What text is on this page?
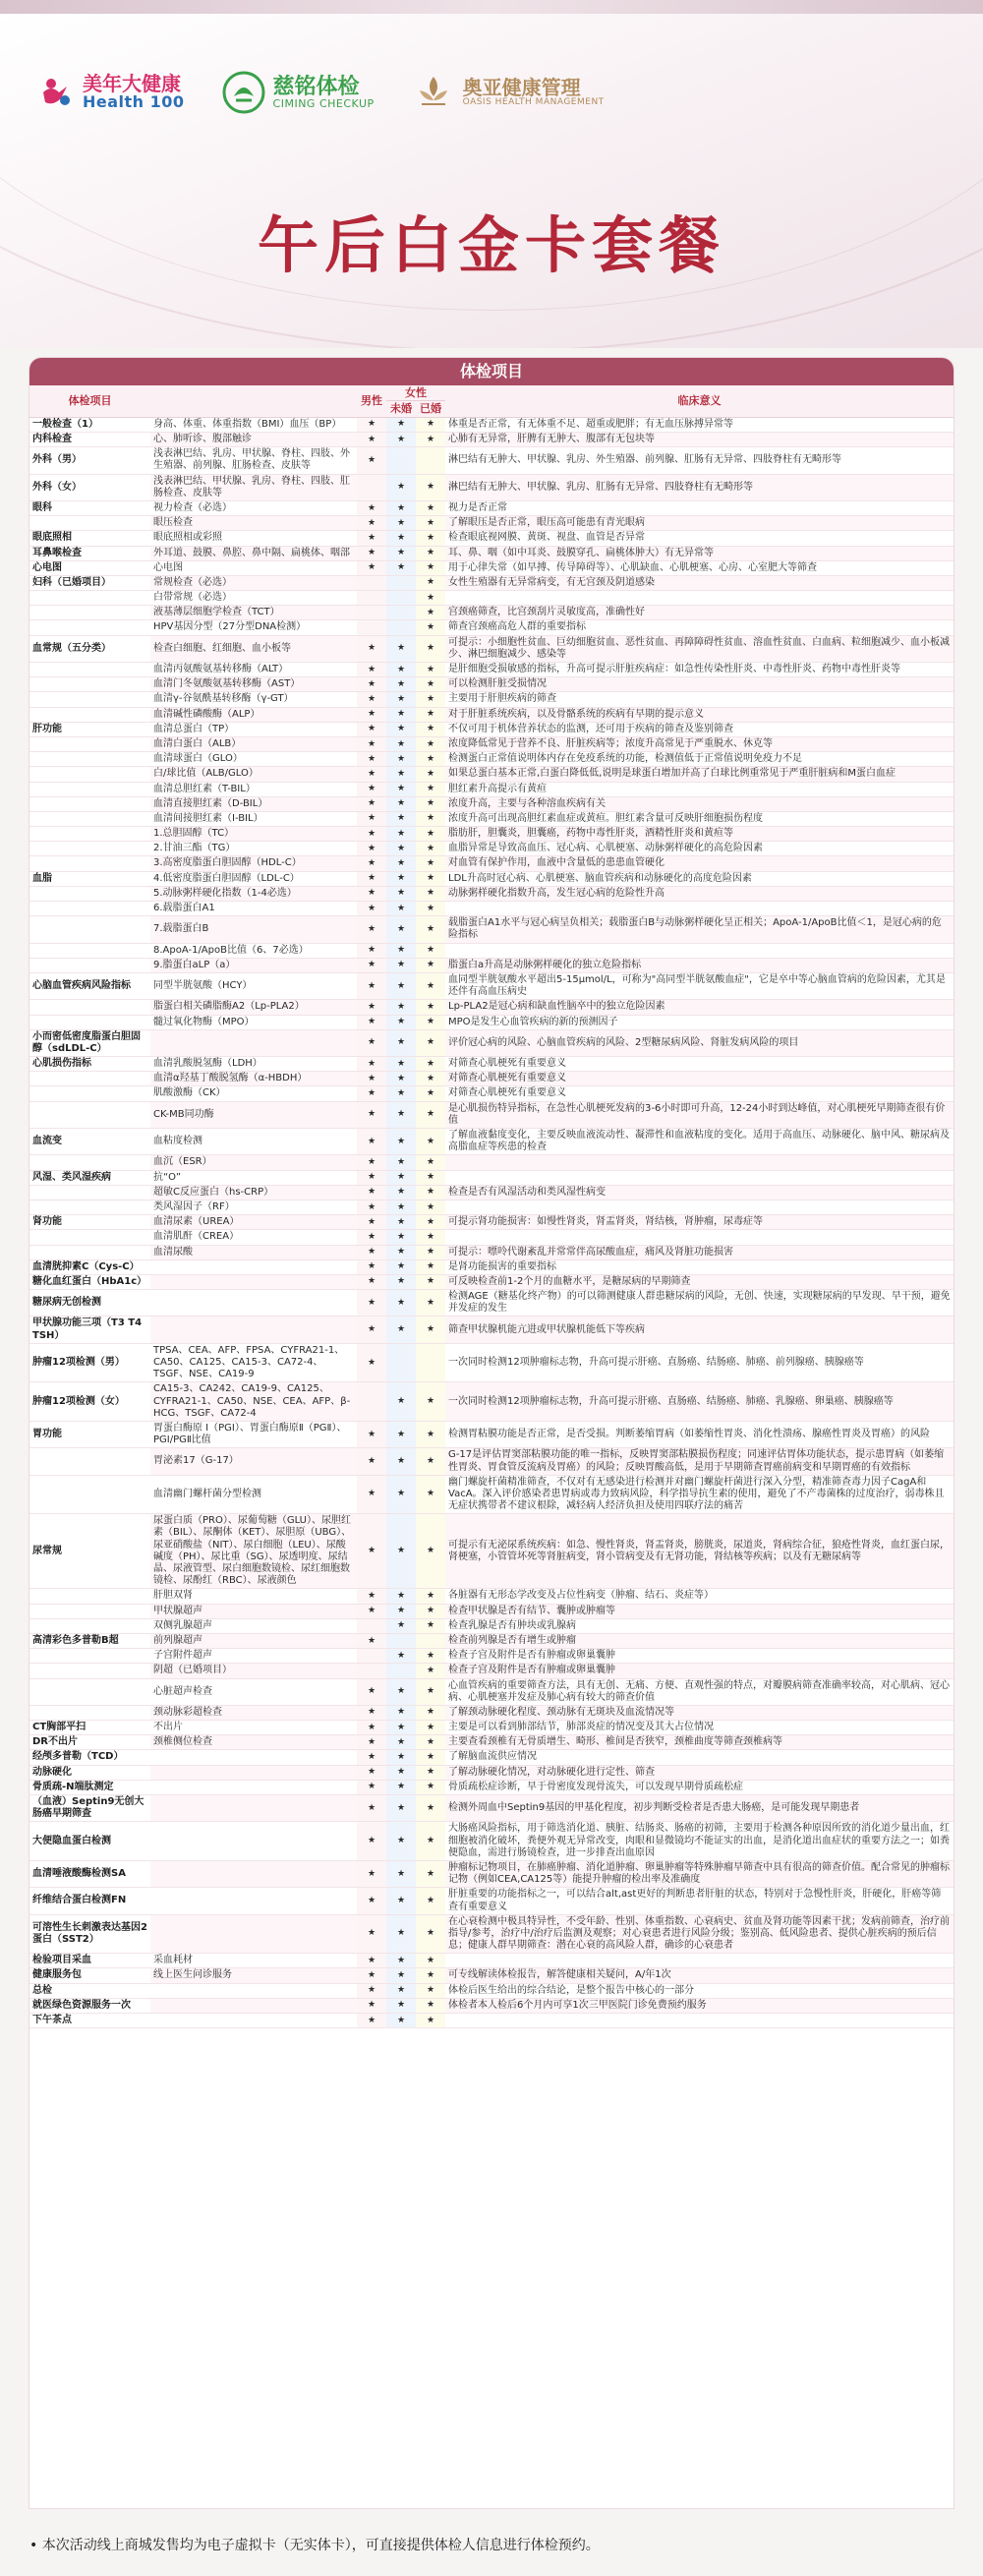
美年大健康
Health 100
慈铭体检
CIMING CHECKUP
奥亚健康管理
OASIS HEALTH MANAGEMENT
午后白金卡套餐
体检项目
体检项目		男性	女性		临床意义
			未婚	已婚	
一般检查（1）	身高、体重、体重指数（BMI）血压（BP）	★	★	★	体重是否正常，有无体重不足、超重或肥胖；有无血压脉搏异常等
内科检查	心、肺听诊、腹部触诊	★	★	★	心肺有无异常，肝脾有无肿大、腹部有无包块等
外科（男）	浅表淋巴结、乳房、甲状腺、脊柱、四肢、外生殖器、前列腺、肛肠检查、皮肤等	★			淋巴结有无肿大、甲状腺、乳房、外生殖器、前列腺、肛肠有无异常、四肢脊柱有无畸形等
外科（女）	浅表淋巴结、甲状腺、乳房、脊柱、四肢、肛肠检查、皮肤等		★	★	淋巴结有无肿大、甲状腺、乳房、肛肠有无异常、四肢脊柱有无畸形等
眼科	视力检查（必选）	★	★	★	视力是否正常
	眼压检查	★	★	★	了解眼压是否正常，眼压高可能患有青光眼病
眼底照相	眼底照相或彩照	★	★	★	检查眼底视网膜、黄斑、视盘、血管是否异常
耳鼻喉检查	外耳道、鼓膜、鼻腔、鼻中隔、扁桃体、咽部	★	★	★	耳、鼻、咽（如中耳炎、鼓膜穿孔、扁桃体肿大）有无异常等
心电图	心电图	★	★	★	用于心律失常（如早搏、传导障碍等）、心肌缺血、心肌梗塞、心房、心室肥大等筛查
妇科（已婚项目）	常规检查（必选）			★	女性生殖器有无异常病变，有无宫颈及阴道感染
	白带常规（必选）			★	
	液基薄层细胞学检查（TCT）			★	宫颈癌筛查，比宫颈刮片灵敏度高，准确性好
	HPV基因分型（27分型DNA检测）			★	筛查宫颈癌高危人群的重要指标
血常规（五分类）	检查白细胞、红细胞、血小板等	★	★	★	可提示：小细胞性贫血、巨幼细胞贫血、恶性贫血、再障障碍性贫血、溶血性贫血、白血病、粒细胞减少、血小板减少、淋巴细胞减少、感染等
	血清丙氨酸氨基转移酶（ALT）	★	★	★	是肝细胞受损敏感的指标，升高可提示肝脏疾病症：如急性传染性肝炎、中毒性肝炎、药物中毒性肝炎等
	血清门冬氨酸氨基转移酶（AST）	★	★	★	可以检测肝脏受损情况
	血清γ-谷氨酰基转移酶（γ-GT）	★	★	★	主要用于肝胆疾病的筛查
	血清碱性磷酸酶（ALP）	★	★	★	对于肝脏系统疾病，以及骨骼系统的疾病有早期的提示意义
肝功能	血清总蛋白（TP）	★	★	★	不仅可用于机体营养状态的监测，还可用于疾病的筛查及鉴别筛查
	血清白蛋白（ALB）	★	★	★	浓度降低常见于营养不良、肝脏疾病等；浓度升高常见于严重脱水、休克等
	血清球蛋白（GLO）	★	★	★	检测蛋白正常值说明体内存在免疫系统的功能，检测值低于正常值说明免疫力不足
	白/球比值（ALB/GLO）	★	★	★	如果总蛋白基本正常,白蛋白降低低,说明是球蛋白增加并高了白球比例重常见于严重肝脏病和M蛋白血症
	血清总胆红素（T-BIL）	★	★	★	胆红素升高提示有黄疸
	血清直接胆红素（D-BIL）	★	★	★	浓度升高，主要与各种溶血疾病有关
	血清间接胆红素（I-BIL）	★	★	★	浓度升高可出现高胆红素血症或黄疸。胆红素含量可反映肝细胞损伤程度
	1.总胆固醇（TC）	★	★	★	脂肪肝，胆囊炎，胆囊癌，药物中毒性肝炎，酒精性肝炎和黄疸等
	2.甘油三酯（TG）	★	★	★	血脂异常是导致高血压、冠心病、心肌梗塞、动脉粥样硬化的高危险因素
	3.高密度脂蛋白胆固醇（HDL-C）	★	★	★	对血管有保护作用，血液中含量低的患患血管硬化
血脂	4.低密度脂蛋白胆固醇（LDL-C）	★	★	★	LDL升高时冠心病、心肌梗塞、脑血管疾病和动脉硬化的高度危险因素
	5.动脉粥样硬化指数（1-4必选）	★	★	★	动脉粥样硬化指数升高，发生冠心病的危险性升高
	6.载脂蛋白A1	★	★	★	
	7.载脂蛋白B	★	★	★	载脂蛋白A1水平与冠心病呈负相关；载脂蛋白B与动脉粥样硬化呈正相关；ApoA-1/ApoB比值＜1，是冠心病的危险指标
	8.ApoA-1/ApoB比值（6、7必选）	★	★	★	
	9.脂蛋白aLP（a）	★	★	★	脂蛋白a升高是动脉粥样硬化的独立危险指标
心脑血管疾病风险指标	同型半胱氨酸（HCY）	★	★	★	血同型半胱氨酸水平超出5-15μmol/L，可称为"高同型半胱氨酸血症"，它是卒中等心脑血管病的危险因素，尤其是还伴有高血压病史
	脂蛋白相关磷脂酶A2（Lp-PLA2）	★	★	★	Lp-PLA2是冠心病和缺血性脑卒中的独立危险因素
	髓过氧化物酶（MPO）	★	★	★	MPO是发生心血管疾病的新的预测因子
小而密低密度脂蛋白胆固醇（sdLDL-C）		★	★	★	评价冠心病的风险、心脑血管疾病的风险、2型糖尿病风险、肾脏发病风险的项目
心肌损伤指标	血清乳酸脱氢酶（LDH）	★	★	★	对筛查心肌梗死有重要意义
	血清α羟基丁酸脱氢酶（α-HBDH）	★	★	★	对筛查心肌梗死有重要意义
	肌酸激酶（CK）	★	★	★	对筛查心肌梗死有重要意义
	CK-MB同功酶	★	★	★	是心肌损伤特异指标，在急性心肌梗死发病的3-6小时即可升高，12-24小时到达峰值，对心肌梗死早期筛查很有价值
血流变	血粘度检测	★	★	★	了解血液黏度变化，主要反映血液流动性、凝滞性和血液粘度的变化。适用于高血压、动脉硬化、脑中风、糖尿病及高脂血症等疾患的检查
	血沉（ESR）	★	★	★	
风湿、类风湿疾病	抗“O”	★	★	★	
	超敏C反应蛋白（hs-CRP）	★	★	★	检查是否有风湿活动和类风湿性病变
	类风湿因子（RF）	★	★	★	
肾功能	血清尿素（UREA）	★	★	★	可提示肾功能损害：如慢性肾炎，肾盂肾炎，肾结核，肾肿瘤，尿毒症等
	血清肌酐（CREA）	★	★	★	
	血清尿酸	★	★	★	可提示：嘌呤代谢紊乱并常常伴高尿酸血症，痛风及肾脏功能损害
血清胱抑素C（Cys-C）		★	★	★	是肾功能损害的重要指标
糖化血红蛋白（HbA1c）		★	★	★	可反映检查前1-2个月的血糖水平，是糖尿病的早期筛查
糖尿病无创检测		★	★	★	检测AGE（糖基化终产物）的可以筛测健康人群患糖尿病的风险，无创、快速，实现糖尿病的早发现、早干预，避免并发症的发生
甲状腺功能三项（T3 T4 TSH）		★	★	★	筛查甲状腺机能亢进或甲状腺机能低下等疾病
肿瘤12项检测（男）	TPSA、CEA、AFP、FPSA、CYFRA21-1、CA50、CA125、CA15-3、CA72-4、TSGF、NSE、CA19-9	★			一次同时检测12项肿瘤标志物，升高可提示肝癌、直肠癌、结肠癌、肺癌、前列腺癌、胰腺癌等
肿瘤12项检测（女）	CA15-3、CA242、CA19-9、CA125、CYFRA21-1、CA50、NSE、CEA、AFP、β-HCG、TSGF、CA72-4		★	★	一次同时检测12项肿瘤标志物，升高可提示肝癌、直肠癌、结肠癌、肺癌、乳腺癌、卵巢癌、胰腺癌等
胃功能	胃蛋白酶原 I（PGⅠ）、胃蛋白酶原Ⅱ（PGⅡ）、PGⅠ/PGⅡ比值	★	★	★	检测胃粘膜功能是否正常，是否受损。判断萎缩胃病（如萎缩性胃炎、消化性溃疡、腺癌性胃炎及胃癌）的风险
	胃泌素17（G-17）	★	★	★	G-17是评估胃窦部粘膜功能的唯一指标，反映胃窦部粘膜损伤程度；同速评估胃体功能状态，提示患胃病（如萎缩性胃炎、胃食管反流病及胃癌）的风险；反映胃酸高低，是用于早期筛查胃癌前病变和早期胃癌的有效指标
	血清幽门螺杆菌分型检测	★	★	★	幽门螺旋杆菌精准筛查，不仅对有无感染进行检测并对幽门螺旋杆菌进行深入分型，精准筛查毒力因子CagA和VacA。深入评价感染者患胃病或毒力致病风险，科学指导抗生素的使用，避免了不产毒菌株的过度治疗，弱毒株且无症状携带者不建议根除，减轻病人经济负担及使用四联疗法的痛苦
尿常规	尿蛋白质（PRO）、尿葡萄糖（GLU）、尿胆红素（BIL）、尿酮体（KET）、尿胆原（UBG）、尿亚硝酸盐（NIT）、尿白细胞（LEU）、尿酸碱度（PH）、尿比重（SG）、尿透明度、尿结晶、尿液管型、尿白细胞数镜检、尿红细胞数镜检、尿酚红（RBC）、尿液颜色	★	★	★	可提示有无泌尿系统疾病：如急、慢性肾炎，肾盂肾炎，膀胱炎，尿道炎，肾病综合征，狼疮性肾炎，血红蛋白尿，肾梗塞，小管管坏死等肾脏病变，肾小管病变及有无肾功能，肾结核等疾病；以及有无糖尿病等
	肝胆双肾	★	★	★	各脏器有无形态学改变及占位性病变（肿瘤、结石、炎症等）
	甲状腺超声	★	★	★	检查甲状腺是否有结节、囊肿或肿瘤等
	双侧乳腺超声		★	★	检查乳腺是否有肿块或乳腺病
高清彩色多普勒B超	前列腺超声	★			检查前列腺是否有增生或肿瘤
	子宫附件超声		★	★	检查子宫及附件是否有肿瘤或卵巢囊肿
	阴超（已婚项目）			★	检查子宫及附件是否有肿瘤或卵巢囊肿
	心脏超声检查	★	★	★	心血管疾病的重要筛查方法，具有无创、无痛、方便、直观性强的特点，对瓣膜病筛查准确率较高，对心肌病、冠心病、心肌梗塞并发症及肺心病有较大的筛查价值
	颈动脉彩超检查	★	★	★	了解颈动脉硬化程度、颈动脉有无斑块及血流情况等
CT胸部平扫	不出片	★	★	★	主要是可以看到肺部结节，肺部炎症的情况变及其大占位情况
DR不出片	颈椎侧位检查	★	★	★	主要查看颈椎有无骨质增生、畸形、椎间是否狭窄，颈椎曲度等筛查颈椎病等
经颅多普勒（TCD）		★	★	★	了解脑血流供应情况
动脉硬化		★	★	★	了解动脉硬化情况，对动脉硬化进行定性、筛查
骨质疏-N端肽测定		★	★	★	骨质疏松症诊断，早于骨密度发现骨流失，可以发现早期骨质疏松症
（血液）Septin9无创大肠癌早期筛查		★	★	★	检测外周血中Septin9基因的甲基化程度，初步判断受检者是否患大肠癌，是可能发现早期患者
大便隐血蛋白检测		★	★	★	大肠癌风险指标，用于筛选消化道、胰脏、结肠炎、肠癌的初筛，主要用于检测各种原因所致的消化道少量出血，红细胞被消化破坏，粪便外观无异常改变，肉眼和显微镜均不能证实的出血，是消化道出血症状的重要方法之一；如粪便隐血，需进行肠镜检查，进一步排查出血原因
血清唾液酸酶检测SA		★	★	★	肿瘤标记物项目，在肺癌肿瘤、消化道肿瘤、卵巢肿瘤等特殊肿瘤早筛查中具有很高的筛查价值。配合常见的肿瘤标记物（例如CEA,CA125等）能提升肿瘤的检出率及准确度
纤维结合蛋白检测FN		★	★	★	肝脏重要的功能指标之一，可以结合alt,ast更好的判断患者肝脏的状态，特别对于急慢性肝炎，肝硬化，肝癌等筛查有重要意义
可溶性生长刺激表达基因2蛋白（SST2）		★	★	★	在心衰检测中极具特异性，不受年龄、性别、体重指数、心衰病史、贫血及肾功能等因素干扰；发病前筛查，治疗前指导/参考，治疗中/治疗后监测及观察；对心衰患者进行风险分级；鉴别高、低风险患者、提供心脏疾病的预后信息；健康人群早期筛查：潜在心衰的高风险人群，确诊的心衰患者
检验项目采血	采血耗材	★	★	★	
健康服务包	线上医生问诊服务	★	★	★	可专线解读体检报告，解答健康相关疑问，A/年1次
总检		★	★	★	体检后医生给出的综合结论，是整个报告中核心的一部分
就医绿色资源服务一次		★	★	★	体检者本人检后6个月内可享1次三甲医院门诊免费预约服务
下午茶点		★	★	★	
• 本次活动线上商城发售均为电子虚拟卡（无实体卡），可直接提供体检人信息进行体检预约。
